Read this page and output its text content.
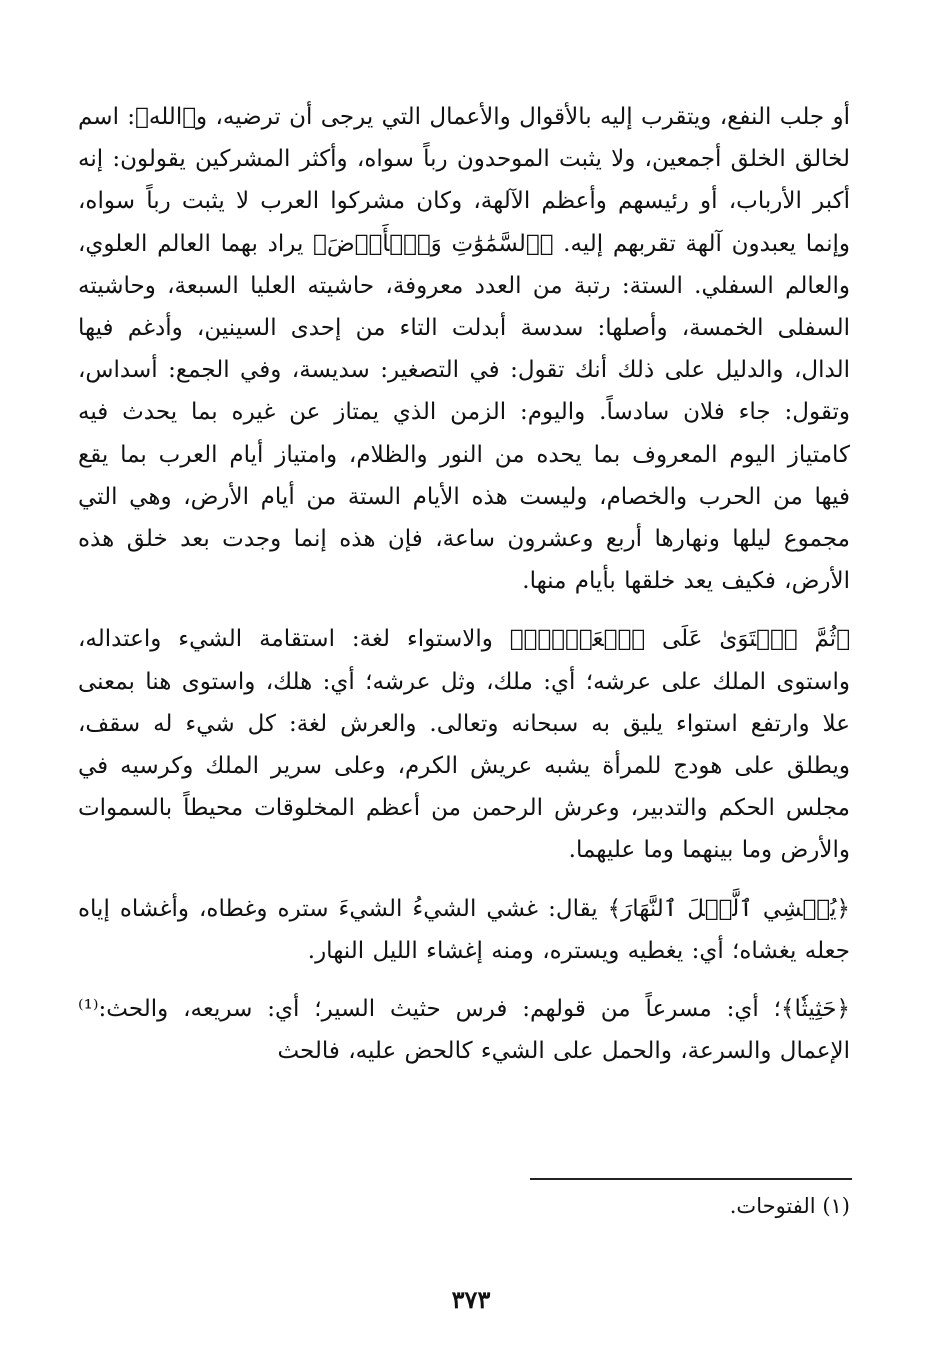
أو جلب النفع، ويتقرب إليه بالأقوال والأعمال التي يرجى أن ترضيه، و﴿الله﴾: اسم لخالق الخلق أجمعين، ولا يثبت الموحدون رباً سواه، وأكثر المشركين يقولون: إنه أكبر الأرباب، أو رئيسهم وأعظم الآلهة، وكان مشركوا العرب لا يثبت رباً سواه، وإنما يعبدون آلهة تقربهم إليه. ﴿ٱلسَّمَٰوَٰتِ وَٱلۡأَرۡضَ﴾ يراد بهما العالم العلوي، والعالم السفلي. الستة: رتبة من العدد معروفة، حاشيته العليا السبعة، وحاشيته السفلى الخمسة، وأصلها: سدسة أبدلت التاء من إحدى السينين، وأدغم فيها الدال، والدليل على ذلك أنك تقول: في التصغير: سديسة، وفي الجمع: أسداس، وتقول: جاء فلان سادساً. واليوم: الزمن الذي يمتاز عن غيره بما يحدث فيه كامتياز اليوم المعروف بما يحده من النور والظلام، وامتياز أيام العرب بما يقع فيها من الحرب والخصام، وليست هذه الأيام الستة من أيام الأرض، وهي التي مجموع ليلها ونهارها أربع وعشرون ساعة، فإن هذه إنما وجدت بعد خلق هذه الأرض، فكيف يعد خلقها بأيام منها.

﴿ثُمَّ ٱسۡتَوَىٰ عَلَى ٱلۡعَرۡشِۖ﴾ والاستواء لغة: استقامة الشيء واعتداله، واستوى الملك على عرشه؛ أي: ملك، وثل عرشه؛ أي: هلك، واستوى هنا بمعنى علا وارتفع استواء يليق به سبحانه وتعالى. والعرش لغة: كل شيء له سقف، ويطلق على هودج للمرأة يشبه عريش الكرم، وعلى سرير الملك وكرسيه في مجلس الحكم والتدبير، وعرش الرحمن من أعظم المخلوقات محيطاً بالسموات والأرض وما بينهما وما عليهما.

﴿يُغۡشِي ٱلَّيۡلَ ٱلنَّهَارَ﴾ يقال: غشي الشيءُ الشيءَ ستره وغطاه، وأغشاه إياه جعله يغشاه؛ أي: يغطيه ويستره، ومنه إغشاء الليل النهار.

﴿حَثِيثٗا﴾؛ أي: مسرعاً من قولهم: فرس حثيث السير؛ أي: سريعه، والحث:⁽¹⁾ الإعمال والسرعة، والحمل على الشيء كالحض عليه، فالحث

(١) الفتوحات.
٣٧٣
